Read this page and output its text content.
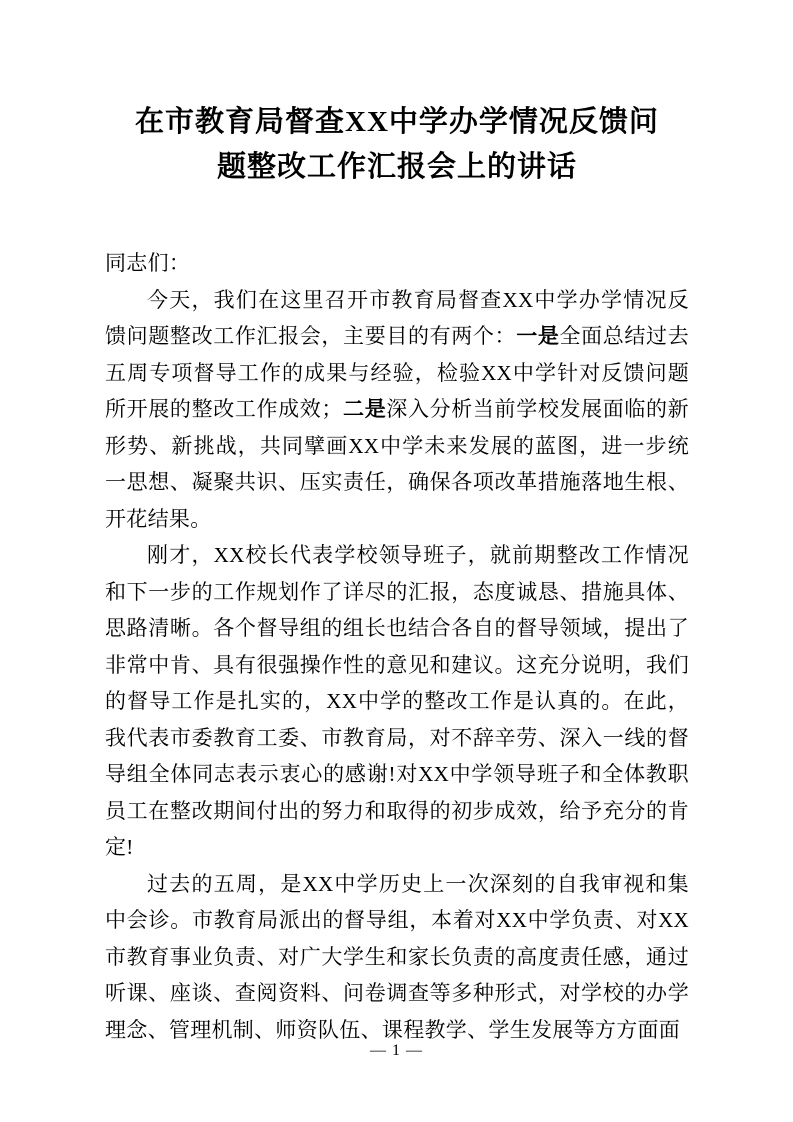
在市教育局督查XX中学办学情况反馈问题整改工作汇报会上的讲话

同志们：

今天，我们在这里召开市教育局督查XX中学办学情况反馈问题整改工作汇报会，主要目的有两个：一是全面总结过去五周专项督导工作的成果与经验，检验XX中学针对反馈问题所开展的整改工作成效；二是深入分析当前学校发展面临的新形势、新挑战，共同擘画XX中学未来发展的蓝图，进一步统一思想、凝聚共识、压实责任，确保各项改革措施落地生根、开花结果。

刚才，XX校长代表学校领导班子，就前期整改工作情况和下一步的工作规划作了详尽的汇报，态度诚恳、措施具体、思路清晰。各个督导组的组长也结合各自的督导领域，提出了非常中肯、具有很强操作性的意见和建议。这充分说明，我们的督导工作是扎实的，XX中学的整改工作是认真的。在此，我代表市委教育工委、市教育局，对不辞辛劳、深入一线的督导组全体同志表示衷心的感谢!对XX中学领导班子和全体教职员工在整改期间付出的努力和取得的初步成效，给予充分的肯定!

过去的五周，是XX中学历史上一次深刻的自我审视和集中会诊。市教育局派出的督导组，本着对XX中学负责、对XX市教育事业负责、对广大学生和家长负责的高度责任感，通过听课、座谈、查阅资料、问卷调查等多种形式，对学校的办学理念、管理机制、师资队伍、课程教学、学生发展等方方面面

— 1 —
